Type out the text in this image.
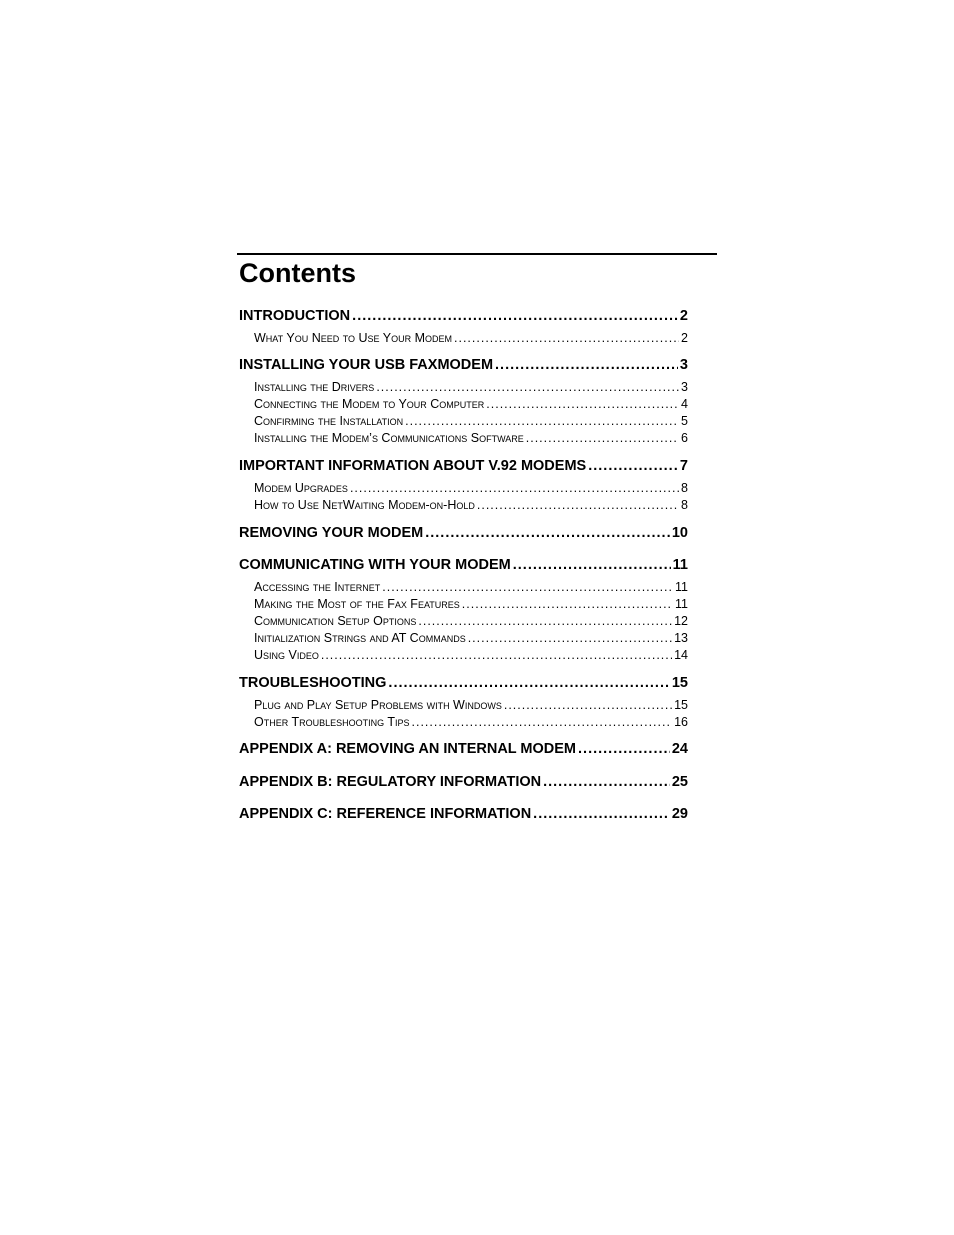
Contents
INTRODUCTION .....	2
What You Need to Use Your Modem .....	2
INSTALLING YOUR USB FAXMODEM .....	3
Installing the Drivers .....	3
Connecting the Modem to Your Computer .....	4
Confirming the Installation .....	5
Installing the Modem’s Communications Software .....	6
IMPORTANT INFORMATION ABOUT V.92 MODEMS .....	7
Modem Upgrades .....	8
How to Use NetWaiting Modem-on-Hold .....	8
REMOVING YOUR MODEM .....	10
COMMUNICATING WITH YOUR MODEM .....	11
Accessing the Internet .....	11
Making the Most of the Fax Features .....	11
Communication Setup Options .....	12
Initialization Strings and AT Commands .....	13
Using Video .....	14
TROUBLESHOOTING .....	15
Plug and Play Setup Problems with Windows .....	15
Other Troubleshooting Tips .....	16
APPENDIX A: REMOVING AN INTERNAL MODEM .....	24
APPENDIX B: REGULATORY INFORMATION .....	25
APPENDIX C: REFERENCE INFORMATION .....	29
